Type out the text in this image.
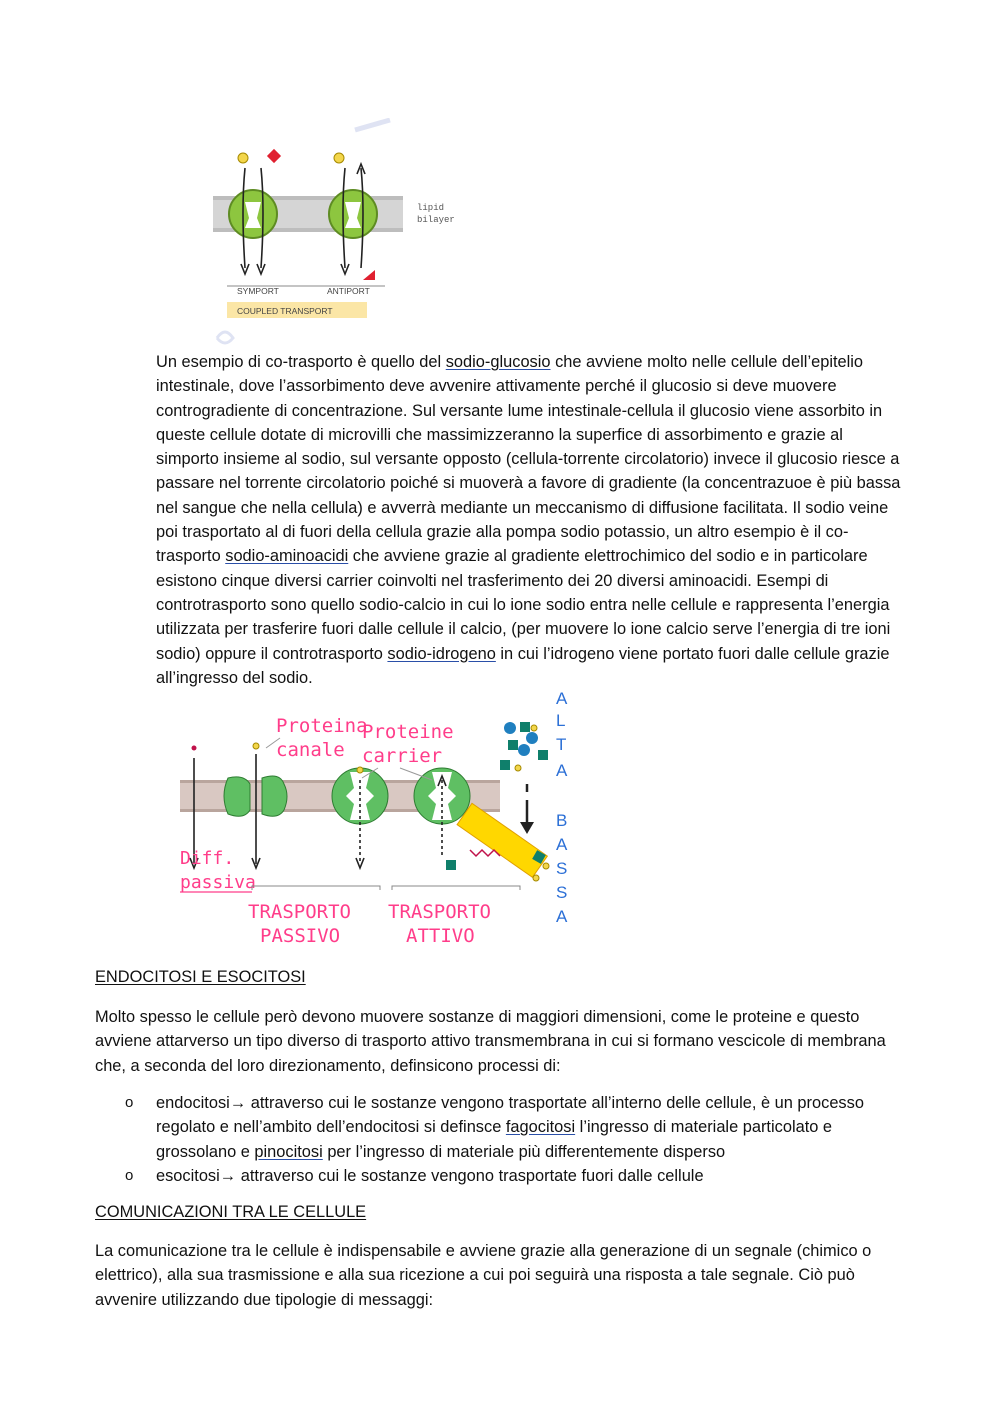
lipid
bilayer
SYMPORT	ANTIPORT
COUPLED TRANSPORT

Un esempio di co-trasporto è quello del sodio-glucosio che avviene molto nelle cellule dell’epitelio intestinale, dove l’assorbimento deve avvenire attivamente perché il glucosio si deve muovere controgradiente di concentrazione. Sul versante lume intestinale-cellula il glucosio viene assorbito in queste cellule dotate di microvilli che massimizzeranno la superfice di assorbimento e grazie al simporto insieme al sodio, sul versante opposto (cellula-torrente circolatorio) invece il glucosio riesce a passare nel torrente circolatorio poiché si muoverà a favore di gradiente (la concentrazuoe è più bassa nel sangue che nella cellula) e avverrà mediante un meccanismo di diffusione facilitata. Il sodio veine poi trasportato al di fuori della cellula grazie alla pompa sodio potassio, un altro esempio è il co-trasporto sodio-aminoacidi che avviene grazie al gradiente elettrochimico del sodio e in particolare esistono cinque diversi carrier coinvolti nel trasferimento dei 20 diversi aminoacidi. Esempi di controtrasporto sono quello sodio-calcio in cui lo ione sodio entra nelle cellule e rappresenta l’energia utilizzata per trasferire fuori dalle cellule il calcio, (per muovere lo ione calcio serve l’energia di tre ioni sodio) oppure il controtrasporto sodio-idrogeno in cui l’idrogeno viene portato fuori dalle cellule grazie all’ingresso del sodio.

A
L
T
A
B
A
S
S
A
Proteina
canale
Proteine
carrier
Diff.
passiva
TRASPORTO
PASSIVO
TRASPORTO
ATTIVO

ENDOCITOSI E ESOCITOSI

Molto spesso le cellule però devono muovere sostanze di maggiori dimensioni, come le proteine e questo avviene attarverso un tipo diverso di trasporto attivo transmembrana in cui si formano vescicole di membrana che, a seconda del loro direzionamento, definsicono processi di:

o endocitosi→ attraverso cui le sostanze vengono trasportate all’interno delle cellule, è un processo regolato e nell’ambito dell’endocitosi si definsce fagocitosi l’ingresso di materiale particolato e grossolano e pinocitosi per l’ingresso di materiale più differentemente disperso
o esocitosi→ attraverso cui le sostanze vengono trasportate fuori dalle cellule

COMUNICAZIONI TRA LE CELLULE

La comunicazione tra le cellule è indispensabile e avviene grazie alla generazione di un segnale (chimico o elettrico), alla sua trasmissione e alla sua ricezione a cui poi seguirà una risposta a tale segnale. Ciò può avvenire utilizzando due tipologie di messaggi:
